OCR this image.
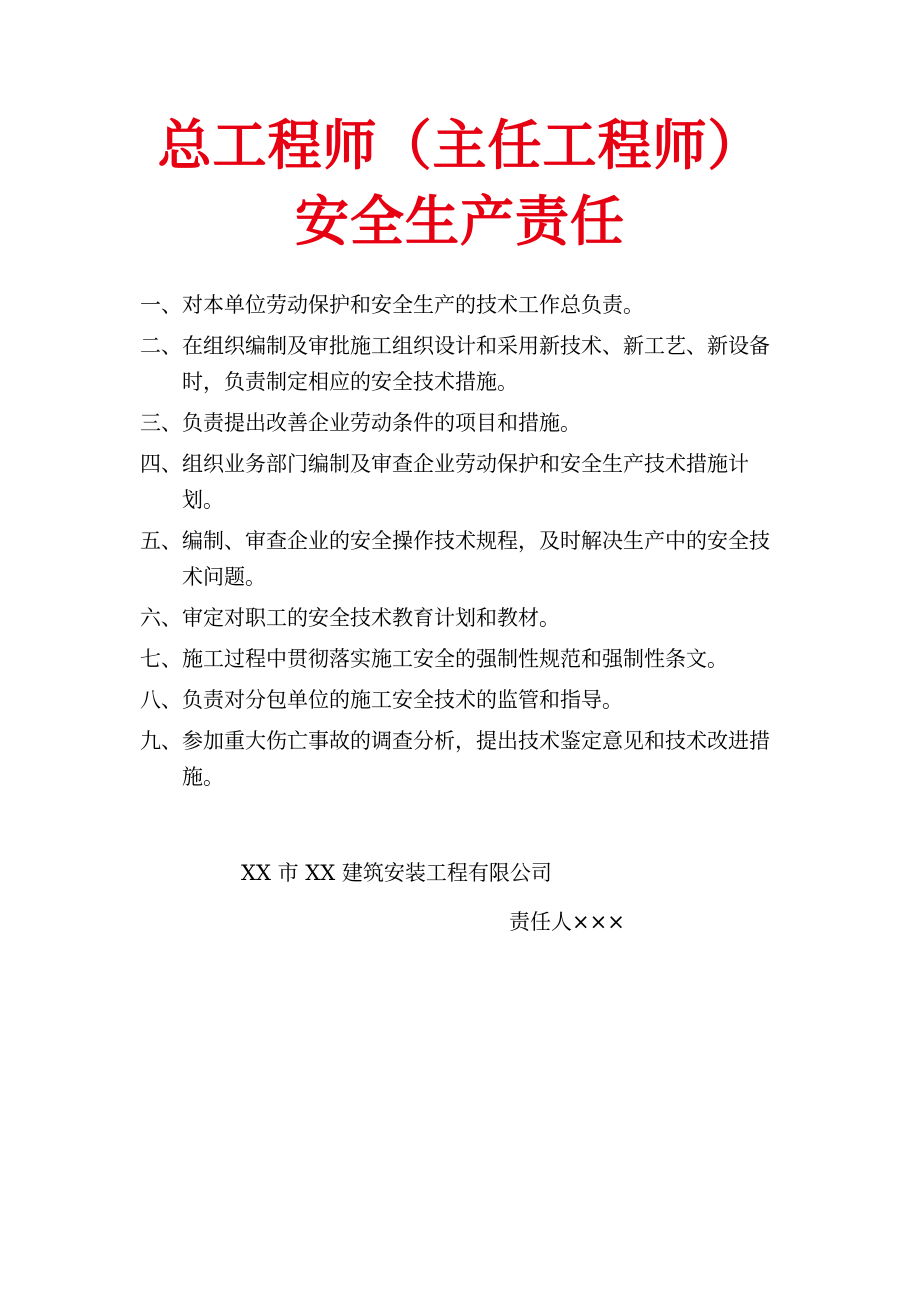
总工程师（主任工程师）
安全生产责任
一、 对本单位劳动保护和安全生产的技术工作总负责。
二、 在组织编制及审批施工组织设计和采用新技术、新工艺、新设备时，负责制定相应的安全技术措施。
三、 负责提出改善企业劳动条件的项目和措施。
四、 组织业务部门编制及审查企业劳动保护和安全生产技术措施计划。
五、 编制、审查企业的安全操作技术规程，及时解决生产中的安全技术问题。
六、 审定对职工的安全技术教育计划和教材。
七、 施工过程中贯彻落实施工安全的强制性规范和强制性条文。
八、 负责对分包单位的施工安全技术的监管和指导。
九、 参加重大伤亡事故的调查分析，提出技术鉴定意见和技术改进措施。
XX 市 XX 建筑安装工程有限公司
责任人×××
